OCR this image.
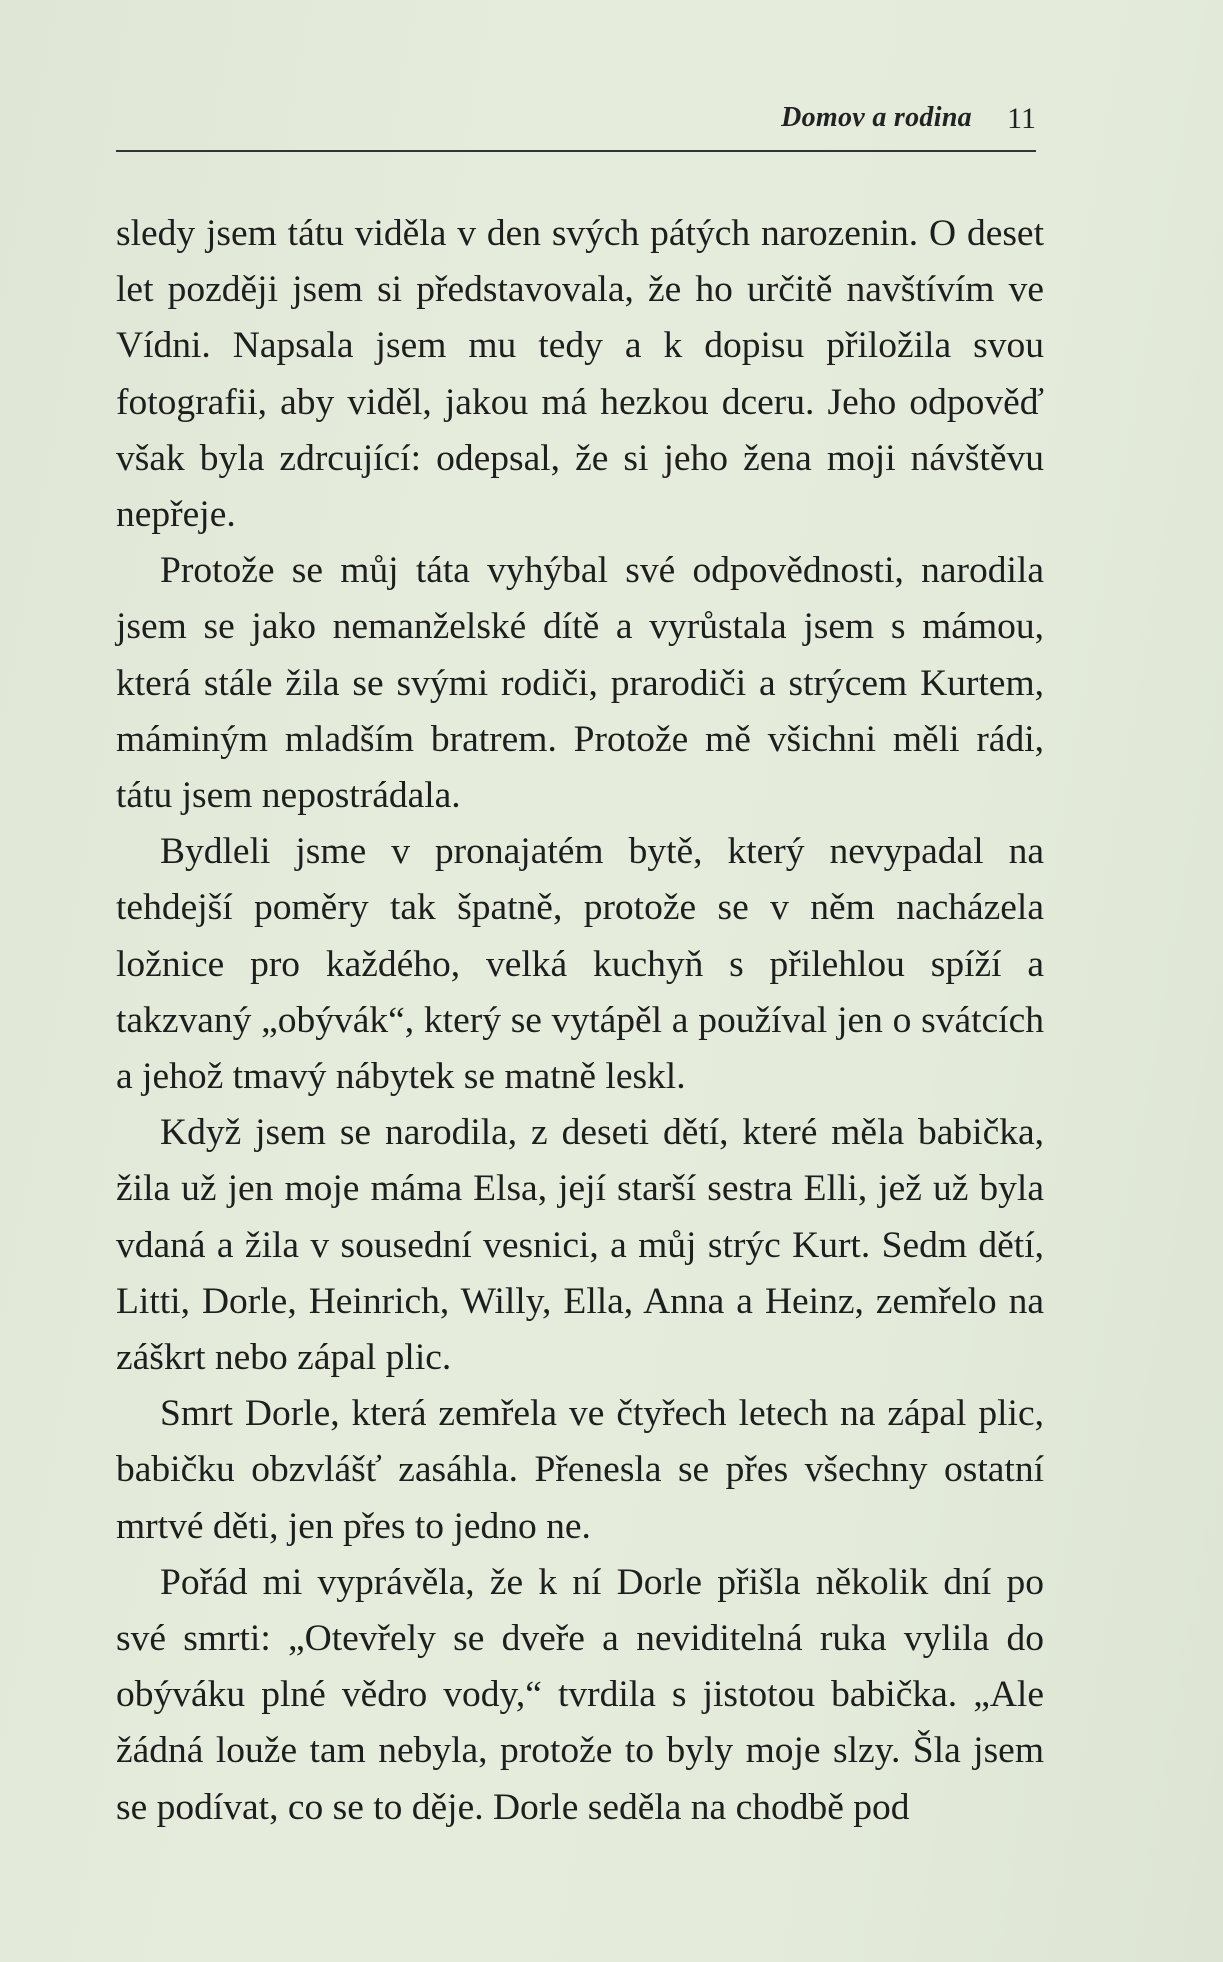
Domov a rodina 11

sledy jsem tátu viděla v den svých pátých narozenin. O deset let později jsem si představovala, že ho určitě navštívím ve Vídni. Napsala jsem mu tedy a k dopisu přiložila svou fotografii, aby viděl, jakou má hezkou dceru. Jeho odpověď však byla zdrcující: odepsal, že si jeho žena moji návštěvu nepřeje.

Protože se můj táta vyhýbal své odpovědnosti, narodila jsem se jako nemanželské dítě a vyrůstala jsem s mámou, která stále žila se svými rodiči, prarodiči a strýcem Kurtem, máminým mladším bratrem. Protože mě všichni měli rádi, tátu jsem nepostrádala.

Bydleli jsme v pronajatém bytě, který nevypadal na tehdejší poměry tak špatně, protože se v něm nacházela ložnice pro každého, velká kuchyň s přilehlou spíží a takzvaný „obývák“, který se vytápěl a používal jen o svátcích a jehož tmavý nábytek se matně leskl.

Když jsem se narodila, z deseti dětí, které měla babička, žila už jen moje máma Elsa, její starší sestra Elli, jež už byla vdaná a žila v sousední vesnici, a můj strýc Kurt. Sedm dětí, Litti, Dorle, Heinrich, Willy, Ella, Anna a Heinz, zemřelo na záškrt nebo zápal plic.

Smrt Dorle, která zemřela ve čtyřech letech na zápal plic, babičku obzvlášť zasáhla. Přenesla se přes všechny ostatní mrtvé děti, jen přes to jedno ne.

Pořád mi vyprávěla, že k ní Dorle přišla několik dní po své smrti: „Otevřely se dveře a neviditelná ruka vylila do obýváku plné vědro vody,“ tvrdila s jistotou babička. „Ale žádná louže tam nebyla, protože to byly moje slzy. Šla jsem se podívat, co se to děje. Dorle seděla na chodbě pod
